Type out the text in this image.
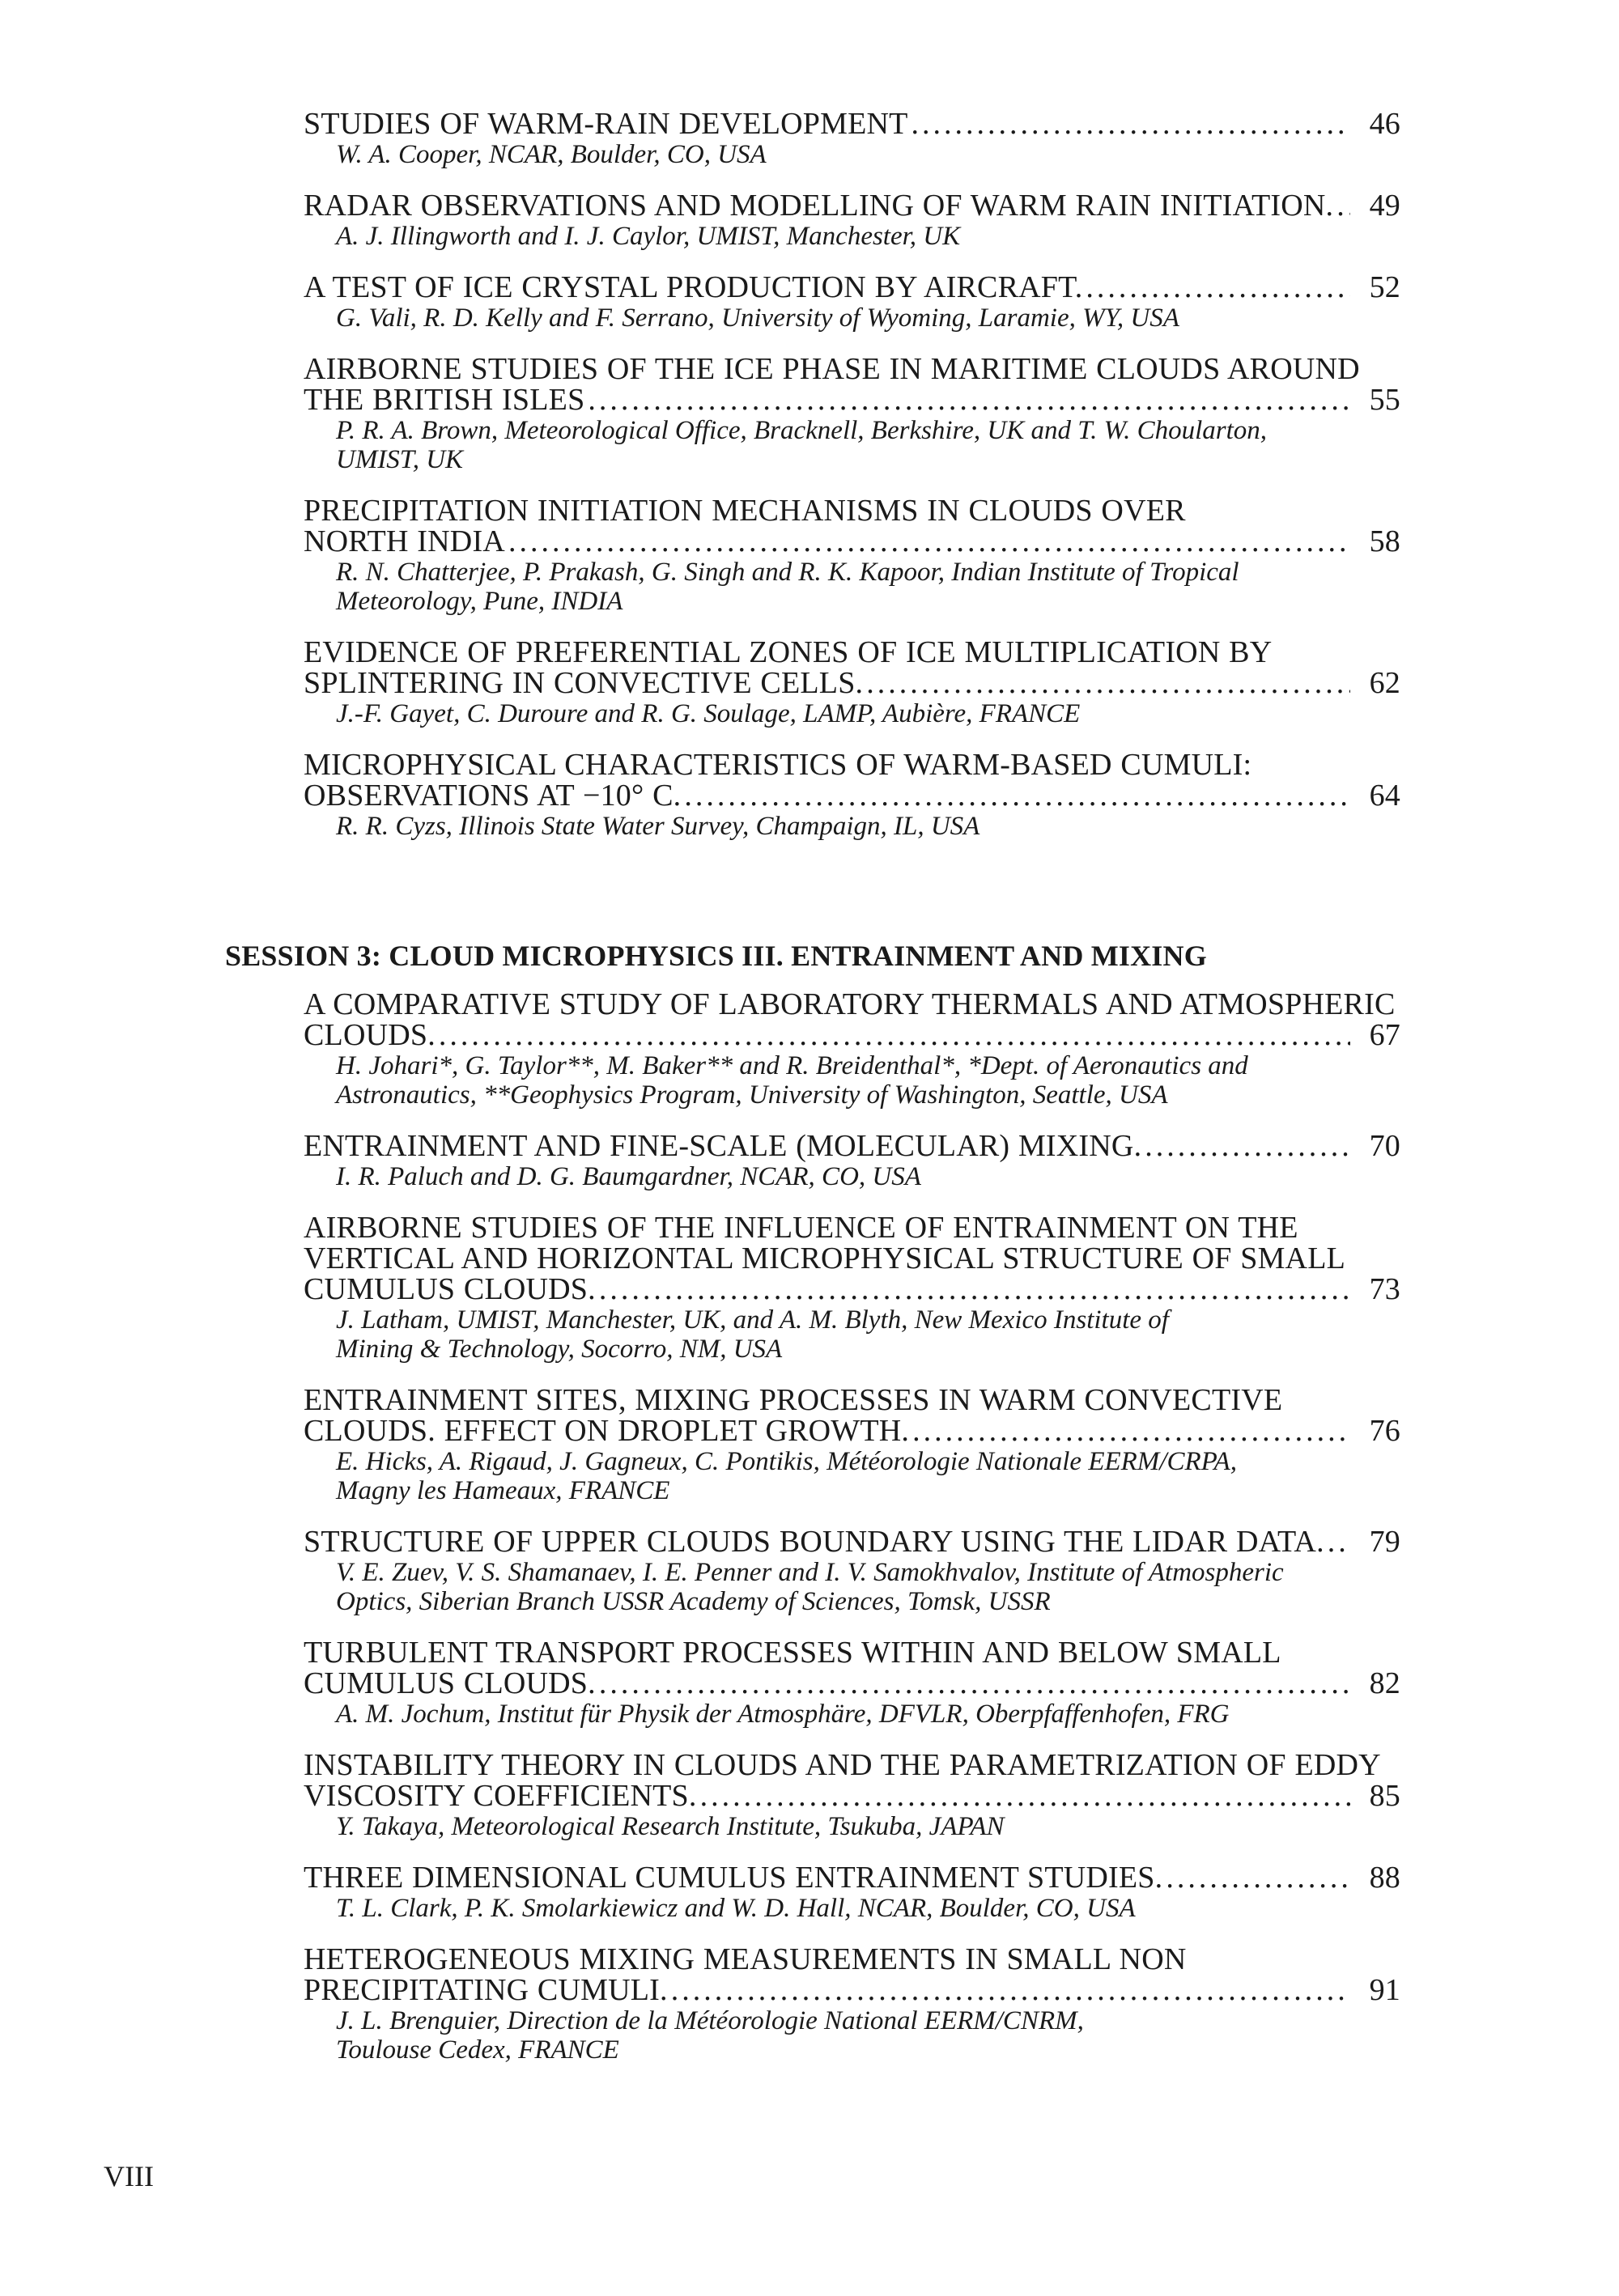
STUDIES OF WARM-RAIN DEVELOPMENT .....	46
W. A. Cooper, NCAR, Boulder, CO, USA
RADAR OBSERVATIONS AND MODELLING OF WARM RAIN INITIATION. .....	49
A. J. Illingworth and I. J. Caylor, UMIST, Manchester, UK
A TEST OF ICE CRYSTAL PRODUCTION BY AIRCRAFT. .....	52
G. Vali, R. D. Kelly and F. Serrano, University of Wyoming, Laramie, WY, USA
AIRBORNE STUDIES OF THE ICE PHASE IN MARITIME CLOUDS AROUND
THE BRITISH ISLES .....	55
P. R. A. Brown, Meteorological Office, Bracknell, Berkshire, UK and T. W. Choularton,
UMIST, UK
PRECIPITATION INITIATION MECHANISMS IN CLOUDS OVER
NORTH INDIA .....	58
R. N. Chatterjee, P. Prakash, G. Singh and R. K. Kapoor, Indian Institute of Tropical
Meteorology, Pune, INDIA
EVIDENCE OF PREFERENTIAL ZONES OF ICE MULTIPLICATION BY
SPLINTERING IN CONVECTIVE CELLS. .....	62
J.-F. Gayet, C. Duroure and R. G. Soulage, LAMP, Aubière, FRANCE
MICROPHYSICAL CHARACTERISTICS OF WARM-BASED CUMULI:
OBSERVATIONS AT −10° C. .....	64
R. R. Cyzs, Illinois State Water Survey, Champaign, IL, USA
SESSION 3: CLOUD MICROPHYSICS III. ENTRAINMENT AND MIXING
A COMPARATIVE STUDY OF LABORATORY THERMALS AND ATMOSPHERIC
CLOUDS. .....	67
H. Johari*, G. Taylor**, M. Baker** and R. Breidenthal*, *Dept. of Aeronautics and
Astronautics, **Geophysics Program, University of Washington, Seattle, USA
ENTRAINMENT AND FINE-SCALE (MOLECULAR) MIXING. .....	70
I. R. Paluch and D. G. Baumgardner, NCAR, CO, USA
AIRBORNE STUDIES OF THE INFLUENCE OF ENTRAINMENT ON THE
VERTICAL AND HORIZONTAL MICROPHYSICAL STRUCTURE OF SMALL
CUMULUS CLOUDS. .....	73
J. Latham, UMIST, Manchester, UK, and A. M. Blyth, New Mexico Institute of
Mining & Technology, Socorro, NM, USA
ENTRAINMENT SITES, MIXING PROCESSES IN WARM CONVECTIVE
CLOUDS. EFFECT ON DROPLET GROWTH. .....	76
E. Hicks, A. Rigaud, J. Gagneux, C. Pontikis, Météorologie Nationale EERM/CRPA,
Magny les Hameaux, FRANCE
STRUCTURE OF UPPER CLOUDS BOUNDARY USING THE LIDAR DATA. .....	79
V. E. Zuev, V. S. Shamanaev, I. E. Penner and I. V. Samokhvalov, Institute of Atmospheric
Optics, Siberian Branch USSR Academy of Sciences, Tomsk, USSR
TURBULENT TRANSPORT PROCESSES WITHIN AND BELOW SMALL
CUMULUS CLOUDS. .....	82
A. M. Jochum, Institut für Physik der Atmosphäre, DFVLR, Oberpfaffenhofen, FRG
INSTABILITY THEORY IN CLOUDS AND THE PARAMETRIZATION OF EDDY
VISCOSITY COEFFICIENTS. .....	85
Y. Takaya, Meteorological Research Institute, Tsukuba, JAPAN
THREE DIMENSIONAL CUMULUS ENTRAINMENT STUDIES. .....	88
T. L. Clark, P. K. Smolarkiewicz and W. D. Hall, NCAR, Boulder, CO, USA
HETEROGENEOUS MIXING MEASUREMENTS IN SMALL NON
PRECIPITATING CUMULI. .....	91
J. L. Brenguier, Direction de la Météorologie National EERM/CNRM,
Toulouse Cedex, FRANCE
VIII
